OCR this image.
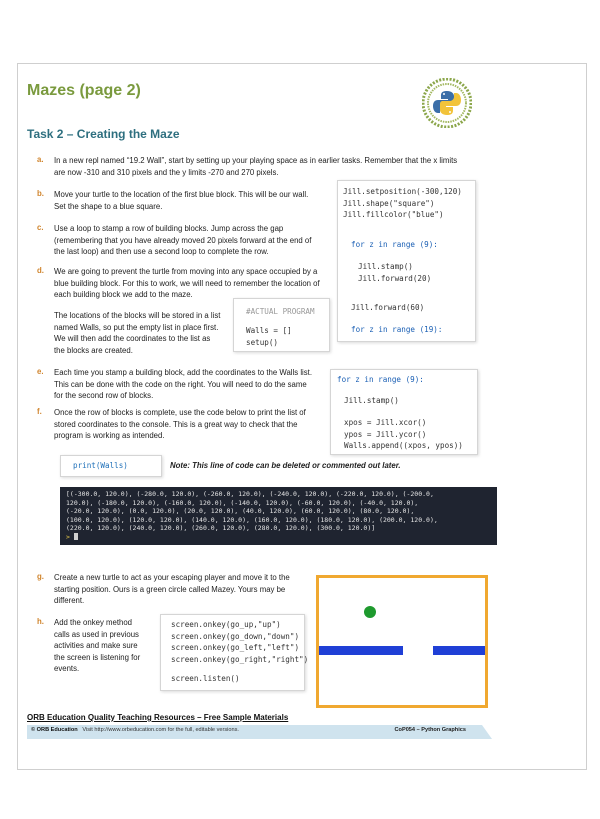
Mazes (page 2)
Task 2 – Creating the Maze
a. In a new repl named “19.2 Wall”, start by setting up your playing space as in earlier tasks. Remember that the x limits are now -310 and 310 pixels and the y limits -270 and 270 pixels.
b. Move your turtle to the location of the first blue block. This will be our wall. Set the shape to a blue square.
c. Use a loop to stamp a row of building blocks. Jump across the gap (remembering that you have already moved 20 pixels forward at the end of the last loop) and then use a second loop to complete the row.
d. We are going to prevent the turtle from moving into any space occupied by a blue building block. For this to work, we will need to remember the location of each building block we add to the maze.
The locations of the blocks will be stored in a list named Walls, so put the empty list in place first. We will then add the coordinates to the list as the blocks are created.
e. Each time you stamp a building block, add the coordinates to the Walls list. This can be done with the code on the right. You will need to do the same for the second row of blocks.
f. Once the row of blocks is complete, use the code below to print the list of stored coordinates to the console. This is a great way to check that the program is working as intended.
Jill.setposition(-300,120)
Jill.shape("square")
Jill.fillcolor("blue")
for z in range (9):
Jill.stamp()
Jill.forward(20)
Jill.forward(60)
for z in range (19):
#ACTUAL PROGRAM
Walls = []
setup()
for z in range (9):
Jill.stamp()
xpos = Jill.xcor()
ypos = Jill.ycor()
Walls.append((xpos, ypos))
print(Walls)	Note: This line of code can be deleted or commented out later.
[(-300.0, 120.0), (-280.0, 120.0), (-260.0, 120.0), (-240.0, 120.0), (-220.0, 120.0), (-200.0,
120.0), (-180.0, 120.0), (-160.0, 120.0), (-140.0, 120.0), (-60.0, 120.0), (-40.0, 120.0),
(-20.0, 120.0), (0.0, 120.0), (20.0, 120.0), (40.0, 120.0), (60.0, 120.0), (80.0, 120.0),
(100.0, 120.0), (120.0, 120.0), (140.0, 120.0), (160.0, 120.0), (180.0, 120.0), (200.0, 120.0),
(220.0, 120.0), (240.0, 120.0), (260.0, 120.0), (280.0, 120.0), (300.0, 120.0)]
>
g. Create a new turtle to act as your escaping player and move it to the starting position. Ours is a green circle called Mazey. Yours may be different.
h. Add the onkey method calls as used in previous activities and make sure the screen is listening for events.
screen.onkey(go_up,"up")
screen.onkey(go_down,"down")
screen.onkey(go_left,"left")
screen.onkey(go_right,"right")
screen.listen()
ORB Education Quality Teaching Resources – Free Sample Materials
© ORB Education Visit http://www.orbeducation.com for the full, editable versions.	CoP054 – Python Graphics
